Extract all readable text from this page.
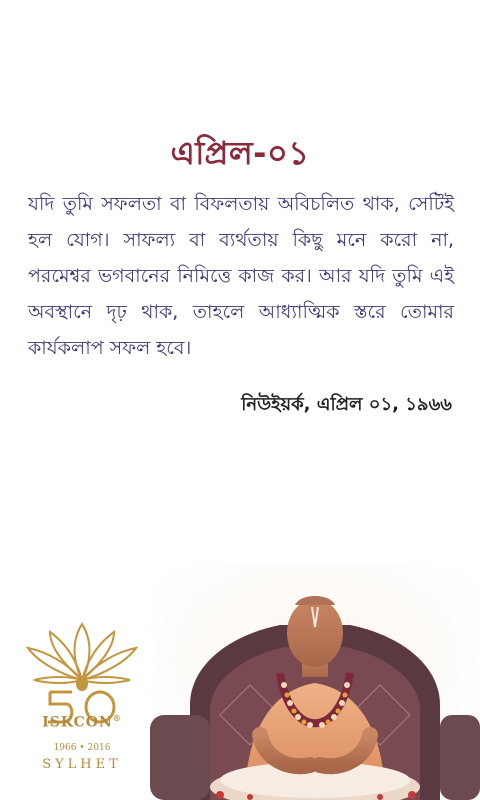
এপ্রিল-০১

যদি তুমি সফলতা বা বিফলতায় অবিচলিত থাক, সেটিই হল যোগ। সাফল্য বা ব্যর্থতায় কিছু মনে করো না, পরমেশ্বর ভগবানের নিমিত্তে কাজ কর। আর যদি তুমি এই অবস্থানে দৃঢ় থাক, তাহলে আধ্যাত্মিক স্তরে তোমার কার্যকলাপ সফল হবে।

নিউইয়র্ক, এপ্রিল ০১, ১৯৬৬
ISKCON®
1966 • 2016
SYLHET
